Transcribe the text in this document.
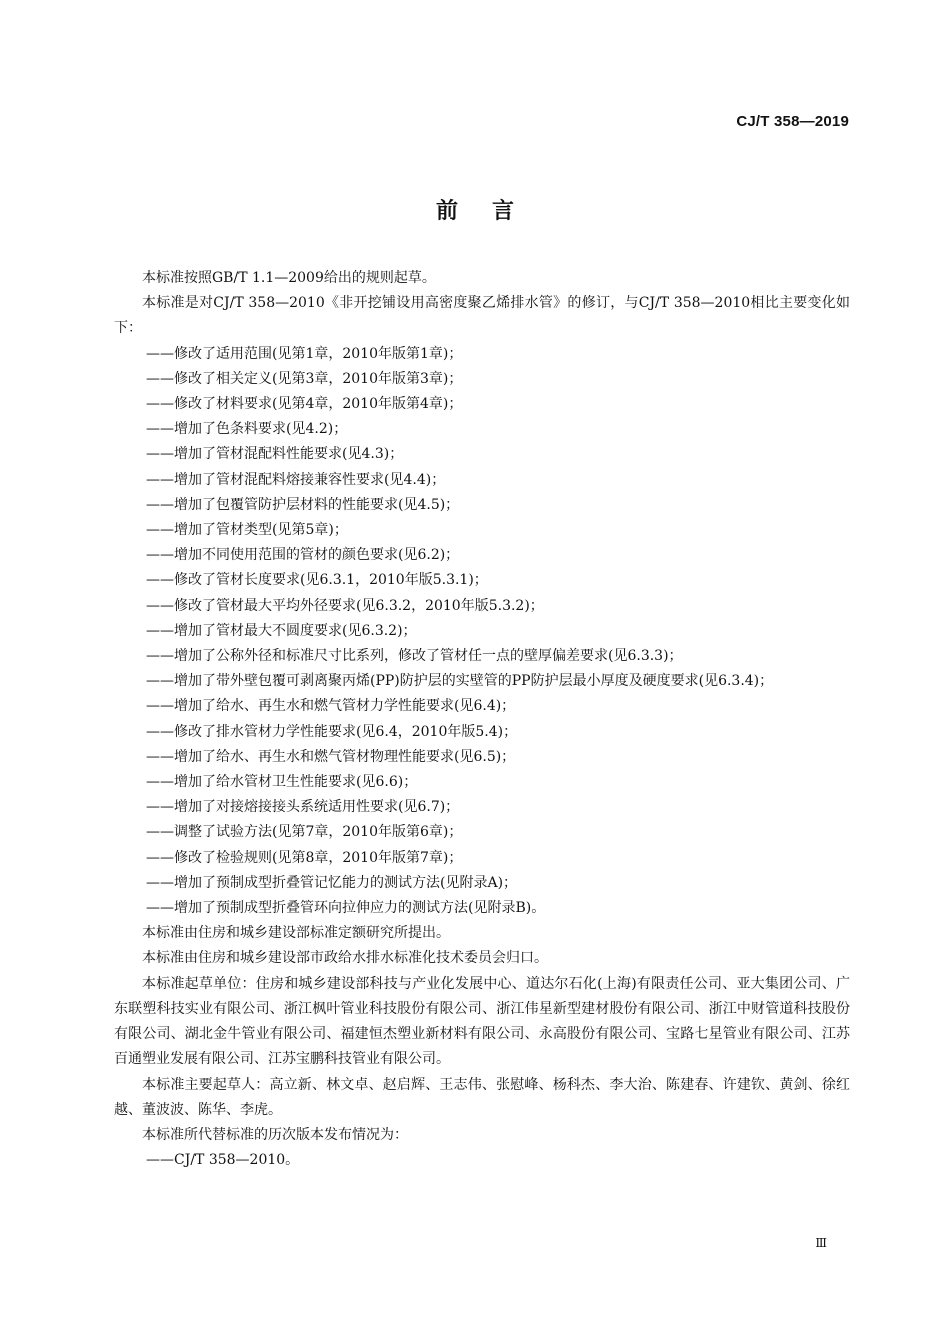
CJ/T 358—2019
前言

本标准按照GB/T 1.1—2009给出的规则起草。

本标准是对CJ/T 358—2010《非开挖铺设用高密度聚乙烯排水管》的修订，与CJ/T 358—2010相比主要变化如下：

——修改了适用范围(见第1章，2010年版第1章)；

——修改了相关定义(见第3章，2010年版第3章)；

——修改了材料要求(见第4章，2010年版第4章)；

——增加了色条料要求(见4.2)；

——增加了管材混配料性能要求(见4.3)；

——增加了管材混配料熔接兼容性要求(见4.4)；

——增加了包覆管防护层材料的性能要求(见4.5)；

——增加了管材类型(见第5章)；

——增加不同使用范围的管材的颜色要求(见6.2)；

——修改了管材长度要求(见6.3.1，2010年版5.3.1)；

——修改了管材最大平均外径要求(见6.3.2，2010年版5.3.2)；

——增加了管材最大不圆度要求(见6.3.2)；

——增加了公称外径和标准尺寸比系列，修改了管材任一点的壁厚偏差要求(见6.3.3)；

——增加了带外壁包覆可剥离聚丙烯(PP)防护层的实壁管的PP防护层最小厚度及硬度要求(见6.3.4)；

——增加了给水、再生水和燃气管材力学性能要求(见6.4)；

——修改了排水管材力学性能要求(见6.4，2010年版5.4)；

——增加了给水、再生水和燃气管材物理性能要求(见6.5)；

——增加了给水管材卫生性能要求(见6.6)；

——增加了对接熔接接头系统适用性要求(见6.7)；

——调整了试验方法(见第7章，2010年版第6章)；

——修改了检验规则(见第8章，2010年版第7章)；

——增加了预制成型折叠管记忆能力的测试方法(见附录A)；

——增加了预制成型折叠管环向拉伸应力的测试方法(见附录B)。

本标准由住房和城乡建设部标准定额研究所提出。

本标准由住房和城乡建设部市政给水排水标准化技术委员会归口。

本标准起草单位：住房和城乡建设部科技与产业化发展中心、道达尔石化(上海)有限责任公司、亚大集团公司、广东联塑科技实业有限公司、浙江枫叶管业科技股份有限公司、浙江伟星新型建材股份有限公司、浙江中财管道科技股份有限公司、湖北金牛管业有限公司、福建恒杰塑业新材料有限公司、永高股份有限公司、宝路七星管业有限公司、江苏百通塑业发展有限公司、江苏宝鹏科技管业有限公司。

本标准主要起草人：高立新、林文卓、赵启辉、王志伟、张慰峰、杨科杰、李大治、陈建春、许建钦、黄剑、徐红越、董波波、陈华、李虎。

本标准所代替标准的历次版本发布情况为：

——CJ/T 358—2010。

Ⅲ
